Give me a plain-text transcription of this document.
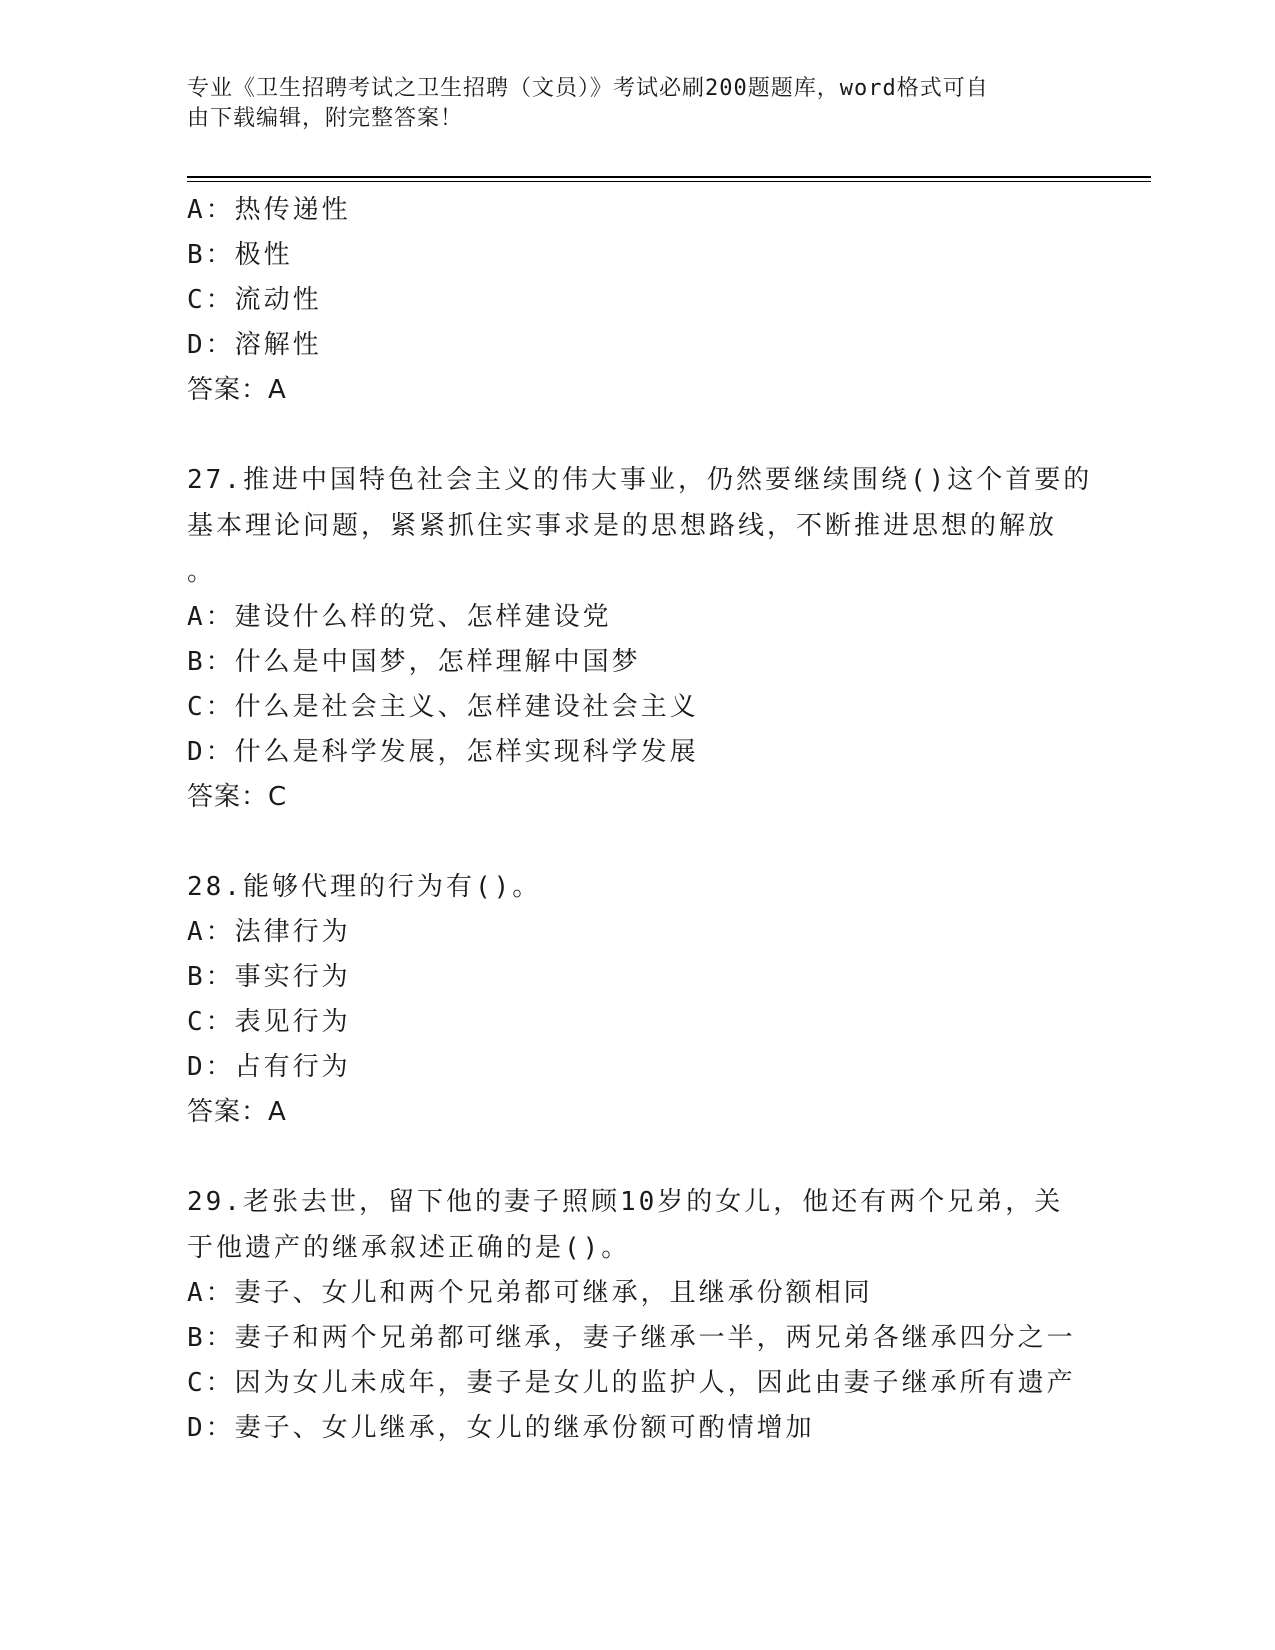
专业《卫生招聘考试之卫生招聘（文员）》考试必刷200题题库，word格式可自
由下载编辑，附完整答案！
A：热传递性
B：极性
C：流动性
D：溶解性
答案：A
27.推进中国特色社会主义的伟大事业，仍然要继续围绕()这个首要的
基本理论问题，紧紧抓住实事求是的思想路线，不断推进思想的解放
。
A：建设什么样的党、怎样建设党
B：什么是中国梦，怎样理解中国梦
C：什么是社会主义、怎样建设社会主义
D：什么是科学发展，怎样实现科学发展
答案：C
28.能够代理的行为有()。
A：法律行为
B：事实行为
C：表见行为
D：占有行为
答案：A
29.老张去世，留下他的妻子照顾10岁的女儿，他还有两个兄弟，关
于他遗产的继承叙述正确的是()。
A：妻子、女儿和两个兄弟都可继承，且继承份额相同
B：妻子和两个兄弟都可继承，妻子继承一半，两兄弟各继承四分之一
C：因为女儿未成年，妻子是女儿的监护人，因此由妻子继承所有遗产
D：妻子、女儿继承，女儿的继承份额可酌情增加
